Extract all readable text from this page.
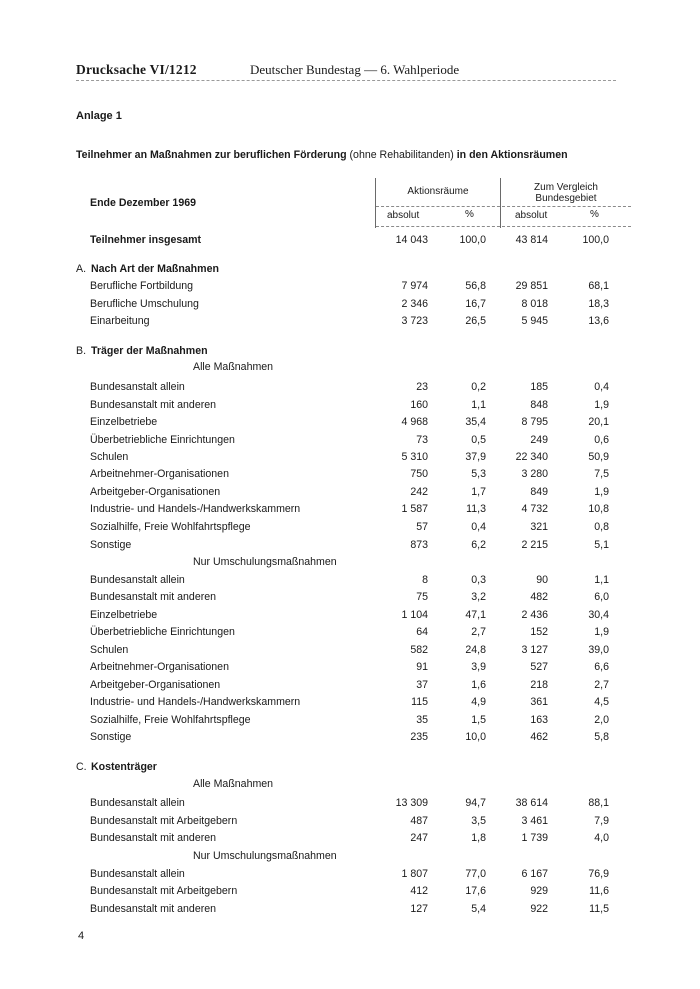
Drucksache VI/1212	Deutscher Bundestag — 6. Wahlperiode
Anlage 1
Teilnehmer an Maßnahmen zur beruflichen Förderung (ohne Rehabilitanden) in den Aktionsräumen
Ende Dezember 1969
Aktionsräume	Zum Vergleich
Bundesgebiet
absolut	%	absolut	%
Teilnehmer insgesamt	14 043	100,0	43 814	100,0
A. Nach Art der Maßnahmen
Berufliche Fortbildung	7 974	56,8	29 851	68,1
Berufliche Umschulung	2 346	16,7	8 018	18,3
Einarbeitung	3 723	26,5	5 945	13,6
B. Träger der Maßnahmen
Alle Maßnahmen
Bundesanstalt allein	23	0,2	185	0,4
Bundesanstalt mit anderen	160	1,1	848	1,9
Einzelbetriebe	4 968	35,4	8 795	20,1
Überbetriebliche Einrichtungen	73	0,5	249	0,6
Schulen	5 310	37,9	22 340	50,9
Arbeitnehmer-Organisationen	750	5,3	3 280	7,5
Arbeitgeber-Organisationen	242	1,7	849	1,9
Industrie- und Handels-/Handwerkskammern	1 587	11,3	4 732	10,8
Sozialhilfe, Freie Wohlfahrtspflege	57	0,4	321	0,8
Sonstige	873	6,2	2 215	5,1
Nur Umschulungsmaßnahmen
Bundesanstalt allein	8	0,3	90	1,1
Bundesanstalt mit anderen	75	3,2	482	6,0
Einzelbetriebe	1 104	47,1	2 436	30,4
Überbetriebliche Einrichtungen	64	2,7	152	1,9
Schulen	582	24,8	3 127	39,0
Arbeitnehmer-Organisationen	91	3,9	527	6,6
Arbeitgeber-Organisationen	37	1,6	218	2,7
Industrie- und Handels-/Handwerkskammern	115	4,9	361	4,5
Sozialhilfe, Freie Wohlfahrtspflege	35	1,5	163	2,0
Sonstige	235	10,0	462	5,8
C. Kostenträger
Alle Maßnahmen
Bundesanstalt allein	13 309	94,7	38 614	88,1
Bundesanstalt mit Arbeitgebern	487	3,5	3 461	7,9
Bundesanstalt mit anderen	247	1,8	1 739	4,0
Nur Umschulungsmaßnahmen
Bundesanstalt allein	1 807	77,0	6 167	76,9
Bundesanstalt mit Arbeitgebern	412	17,6	929	11,6
Bundesanstalt mit anderen	127	5,4	922	11,5
4
